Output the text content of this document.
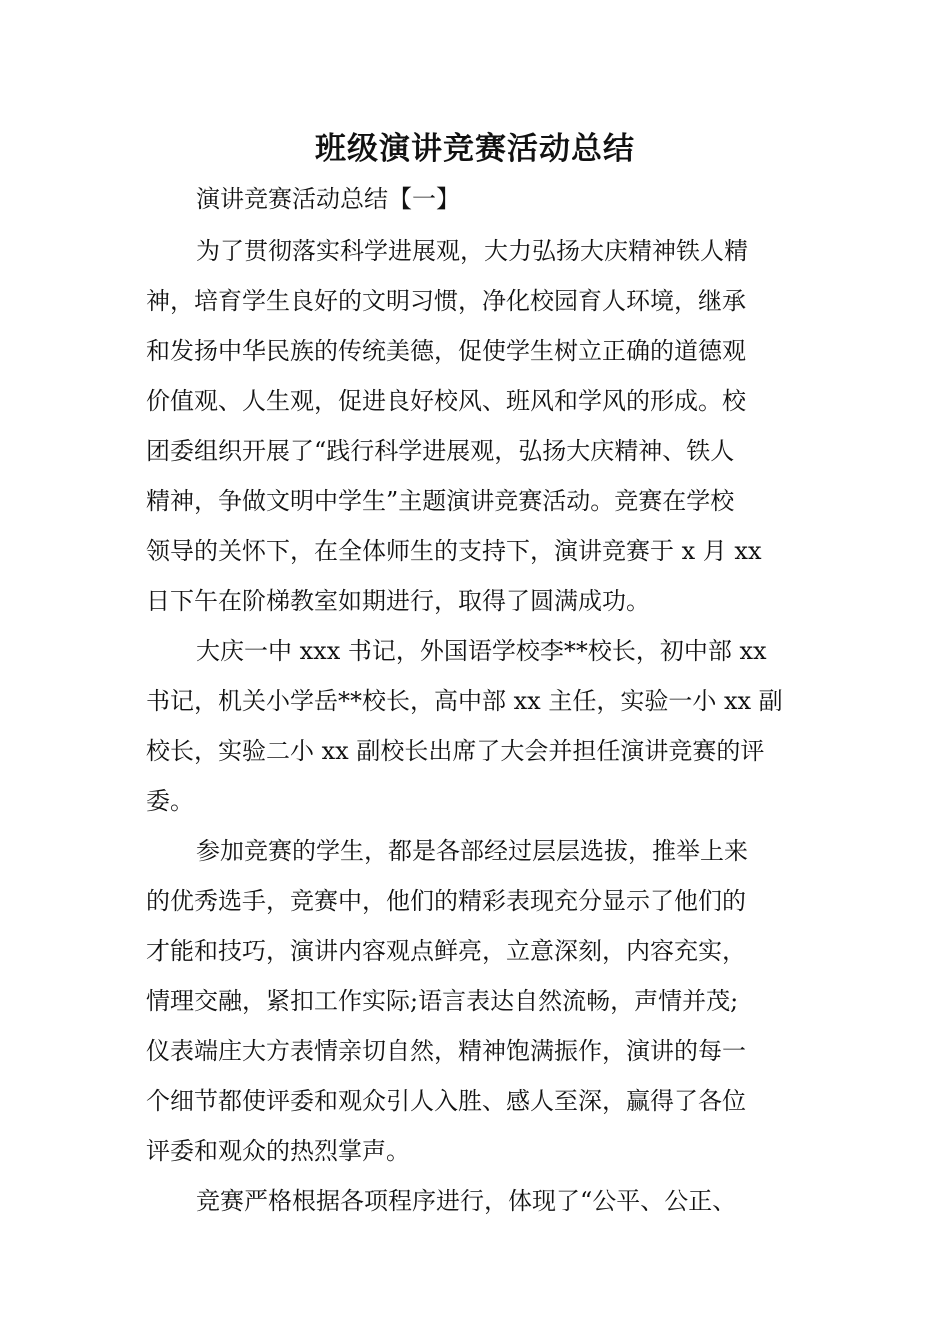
班级演讲竞赛活动总结

演讲竞赛活动总结【一】

为了贯彻落实科学进展观，大力弘扬大庆精神铁人精
神，培育学生良好的文明习惯，净化校园育人环境，继承
和发扬中华民族的传统美德，促使学生树立正确的道德观
价值观、人生观，促进良好校风、班风和学风的形成。校
团委组织开展了“践行科学进展观，弘扬大庆精神、铁人
精神，争做文明中学生”主题演讲竞赛活动。竞赛在学校
领导的关怀下，在全体师生的支持下，演讲竞赛于 x 月 xx
日下午在阶梯教室如期进行，取得了圆满成功。
大庆一中 xxx 书记，外国语学校李**校长，初中部 xx
书记，机关小学岳**校长，高中部 xx 主任，实验一小 xx 副
校长，实验二小 xx 副校长出席了大会并担任演讲竞赛的评
委。
参加竞赛的学生，都是各部经过层层选拔，推举上来
的优秀选手，竞赛中，他们的精彩表现充分显示了他们的
才能和技巧，演讲内容观点鲜亮，立意深刻，内容充实，
情理交融，紧扣工作实际;语言表达自然流畅，声情并茂;
仪表端庄大方表情亲切自然，精神饱满振作，演讲的每一
个细节都使评委和观众引人入胜、感人至深，赢得了各位
评委和观众的热烈掌声。
竞赛严格根据各项程序进行，体现了“公平、公正、
